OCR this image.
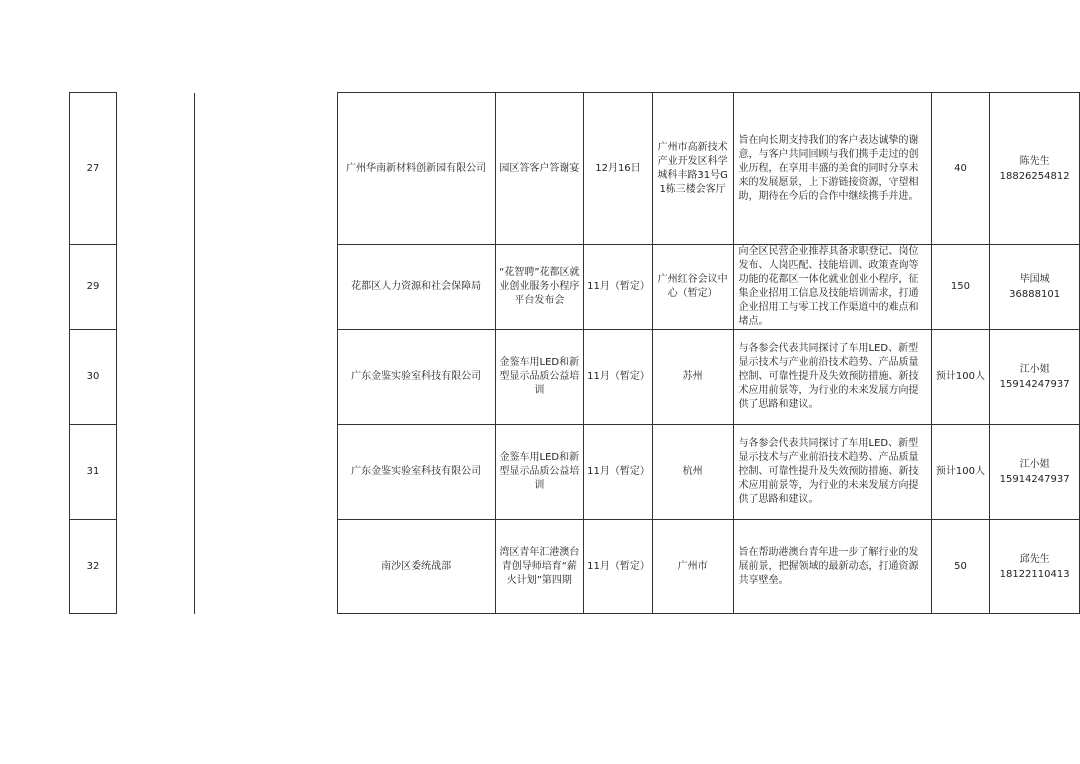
27			广州华南新材料创新园有限公司	园区答客户答谢宴	12月16日	广州市高新技术产业开发区科学城科丰路31号G1栋三楼会客厅	旨在向长期支持我们的客户表达诚挚的谢意，与客户共同回顾与我们携手走过的创业历程，在享用丰盛的美食的同时分享未来的发展愿景，上下游链接资源，守望相助，期待在今后的合作中继续携手并进。	40	陈先生
18826254812

29			花都区人力资源和社会保障局	“花智聘”花都区就业创业服务小程序平台发布会	11月（暂定）	广州红谷会议中心（暂定）	向全区民营企业推荐具备求职登记、岗位发布、人岗匹配、技能培训、政策查询等功能的花都区一体化就业创业小程序，征集企业招用工信息及技能培训需求，打通企业招用工与零工找工作渠道中的难点和堵点。	150	毕国城
36888101

30			广东金鉴实验室科技有限公司	金鉴车用LED和新型显示品质公益培训	11月（暂定）	苏州	与各参会代表共同探讨了车用LED、新型显示技术与产业前沿技术趋势、产品质量控制、可靠性提升及失效预防措施、新技术应用前景等，为行业的未来发展方向提供了思路和建议。	预计100人	江小姐
15914247937

31			广东金鉴实验室科技有限公司	金鉴车用LED和新型显示品质公益培训	11月（暂定）	杭州	与各参会代表共同探讨了车用LED、新型显示技术与产业前沿技术趋势、产品质量控制、可靠性提升及失效预防措施、新技术应用前景等，为行业的未来发展方向提供了思路和建议。	预计100人	江小姐
15914247937

32			南沙区委统战部	湾区青年汇港澳台青创导师培育“薪火计划”第四期	11月（暂定）	广州市	旨在帮助港澳台青年进一步了解行业的发展前景，把握领域的最新动态，打通资源共享壁垒。	50	邱先生
18122110413
